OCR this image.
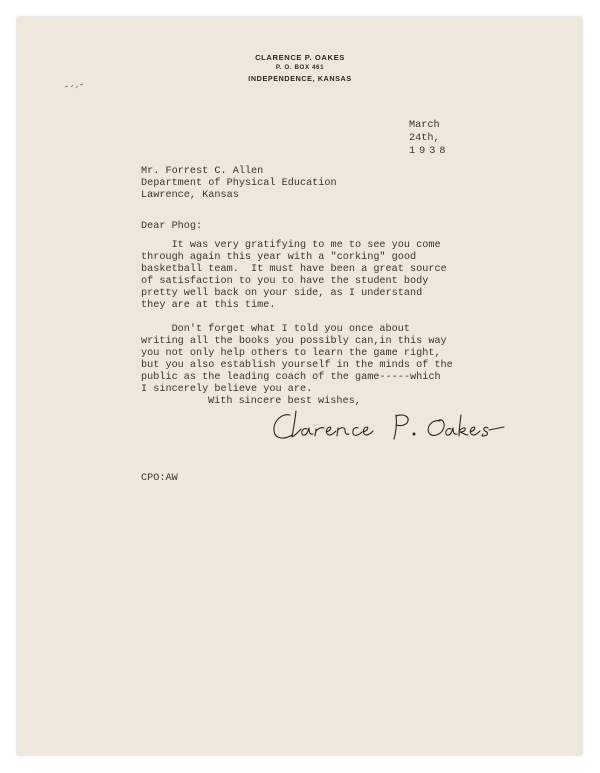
CLARENCE P. OAKES
P. O. BOX 461
INDEPENDENCE, KANSAS
March
24th,
1938
Mr. Forrest C. Allen
Department of Physical Education
Lawrence, Kansas
Dear Phog:
It was very gratifying to me to see you come
through again this year with a "corking" good
basketball team.  It must have been a great source
of satisfaction to you to have the student body
pretty well back on your side, as I understand
they are at this time.
Don't forget what I told you once about
writing all the books you possibly can,in this way
you not only help others to learn the game right,
but you also establish yourself in the minds of the
public as the leading coach of the game-----which
I sincerely believe you are.
With sincere best wishes,
CPO:AW
